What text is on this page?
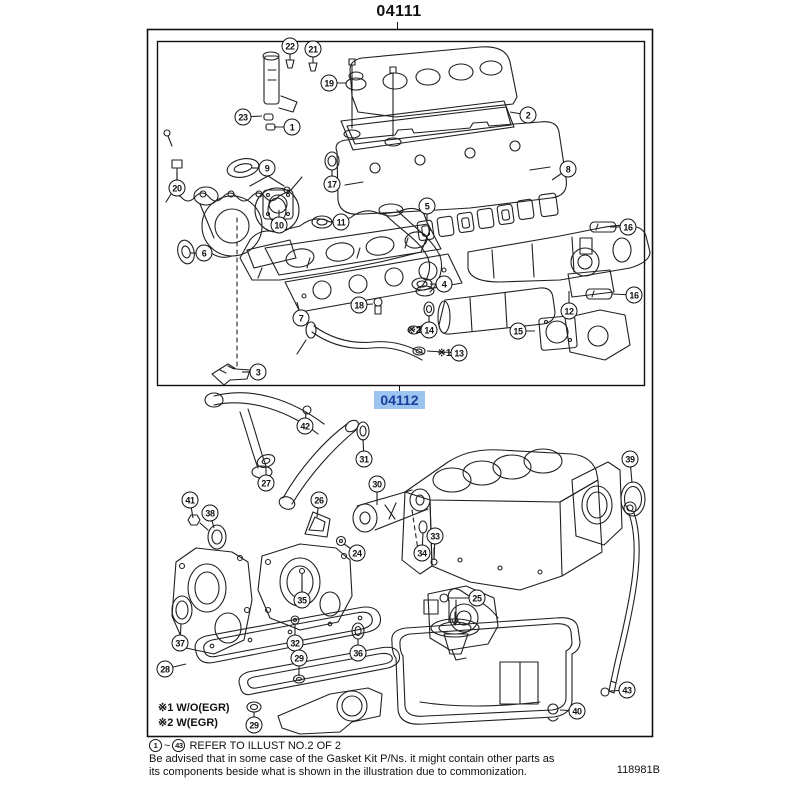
04111
22	21
19
23
1
2
9
20	17
8
10	11	16
6
5
4
16
7
18
12
14
※2	15
13
※1
3
42
31	39
27	30
41	26
38
33
34
24
35	25
37	32
36
29
28
43
40
29
04112
※1 W/O(EGR)
※2 W(EGR)
1 ~ 43 REFER TO ILLUST NO.2 OF 2
Be advised that in some case of the Gasket Kit P/Ns. it might contain other parts as
its components beside what is shown in the illustration due to commonization.	118981B
